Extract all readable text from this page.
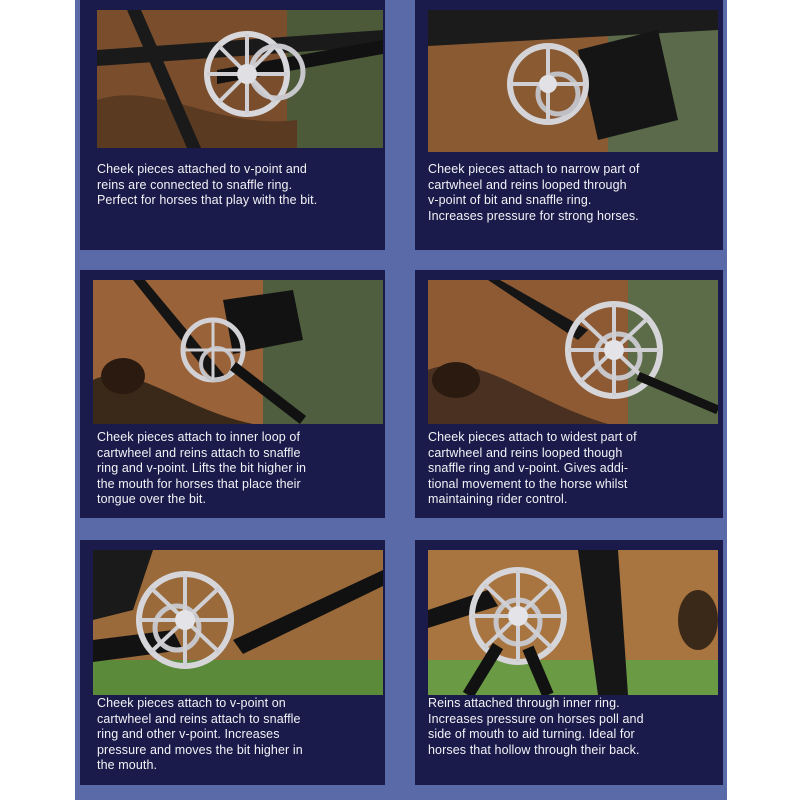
Cheek pieces attached to v-point and
reins are connected to snaffle ring.
Perfect for horses that play with the bit.
Cheek pieces attach to narrow part of
cartwheel and reins looped through
v-point of bit and snaffle ring.
Increases pressure for strong horses.
Cheek pieces attach to inner loop of
cartwheel and reins attach to snaffle
ring and v-point. Lifts the bit higher in
the mouth for horses that place their
tongue over the bit.
Cheek pieces attach to widest part of
cartwheel and reins looped though
snaffle ring and v-point. Gives addi-
tional movement to the horse whilst
maintaining rider control.
Cheek pieces attach to v-point on
cartwheel and reins attach to snaffle
ring and other v-point. Increases
pressure and moves the bit higher in
the mouth.
Reins attached through inner ring.
Increases pressure on horses poll and
side of mouth to aid turning. Ideal for
horses that hollow through their back.
